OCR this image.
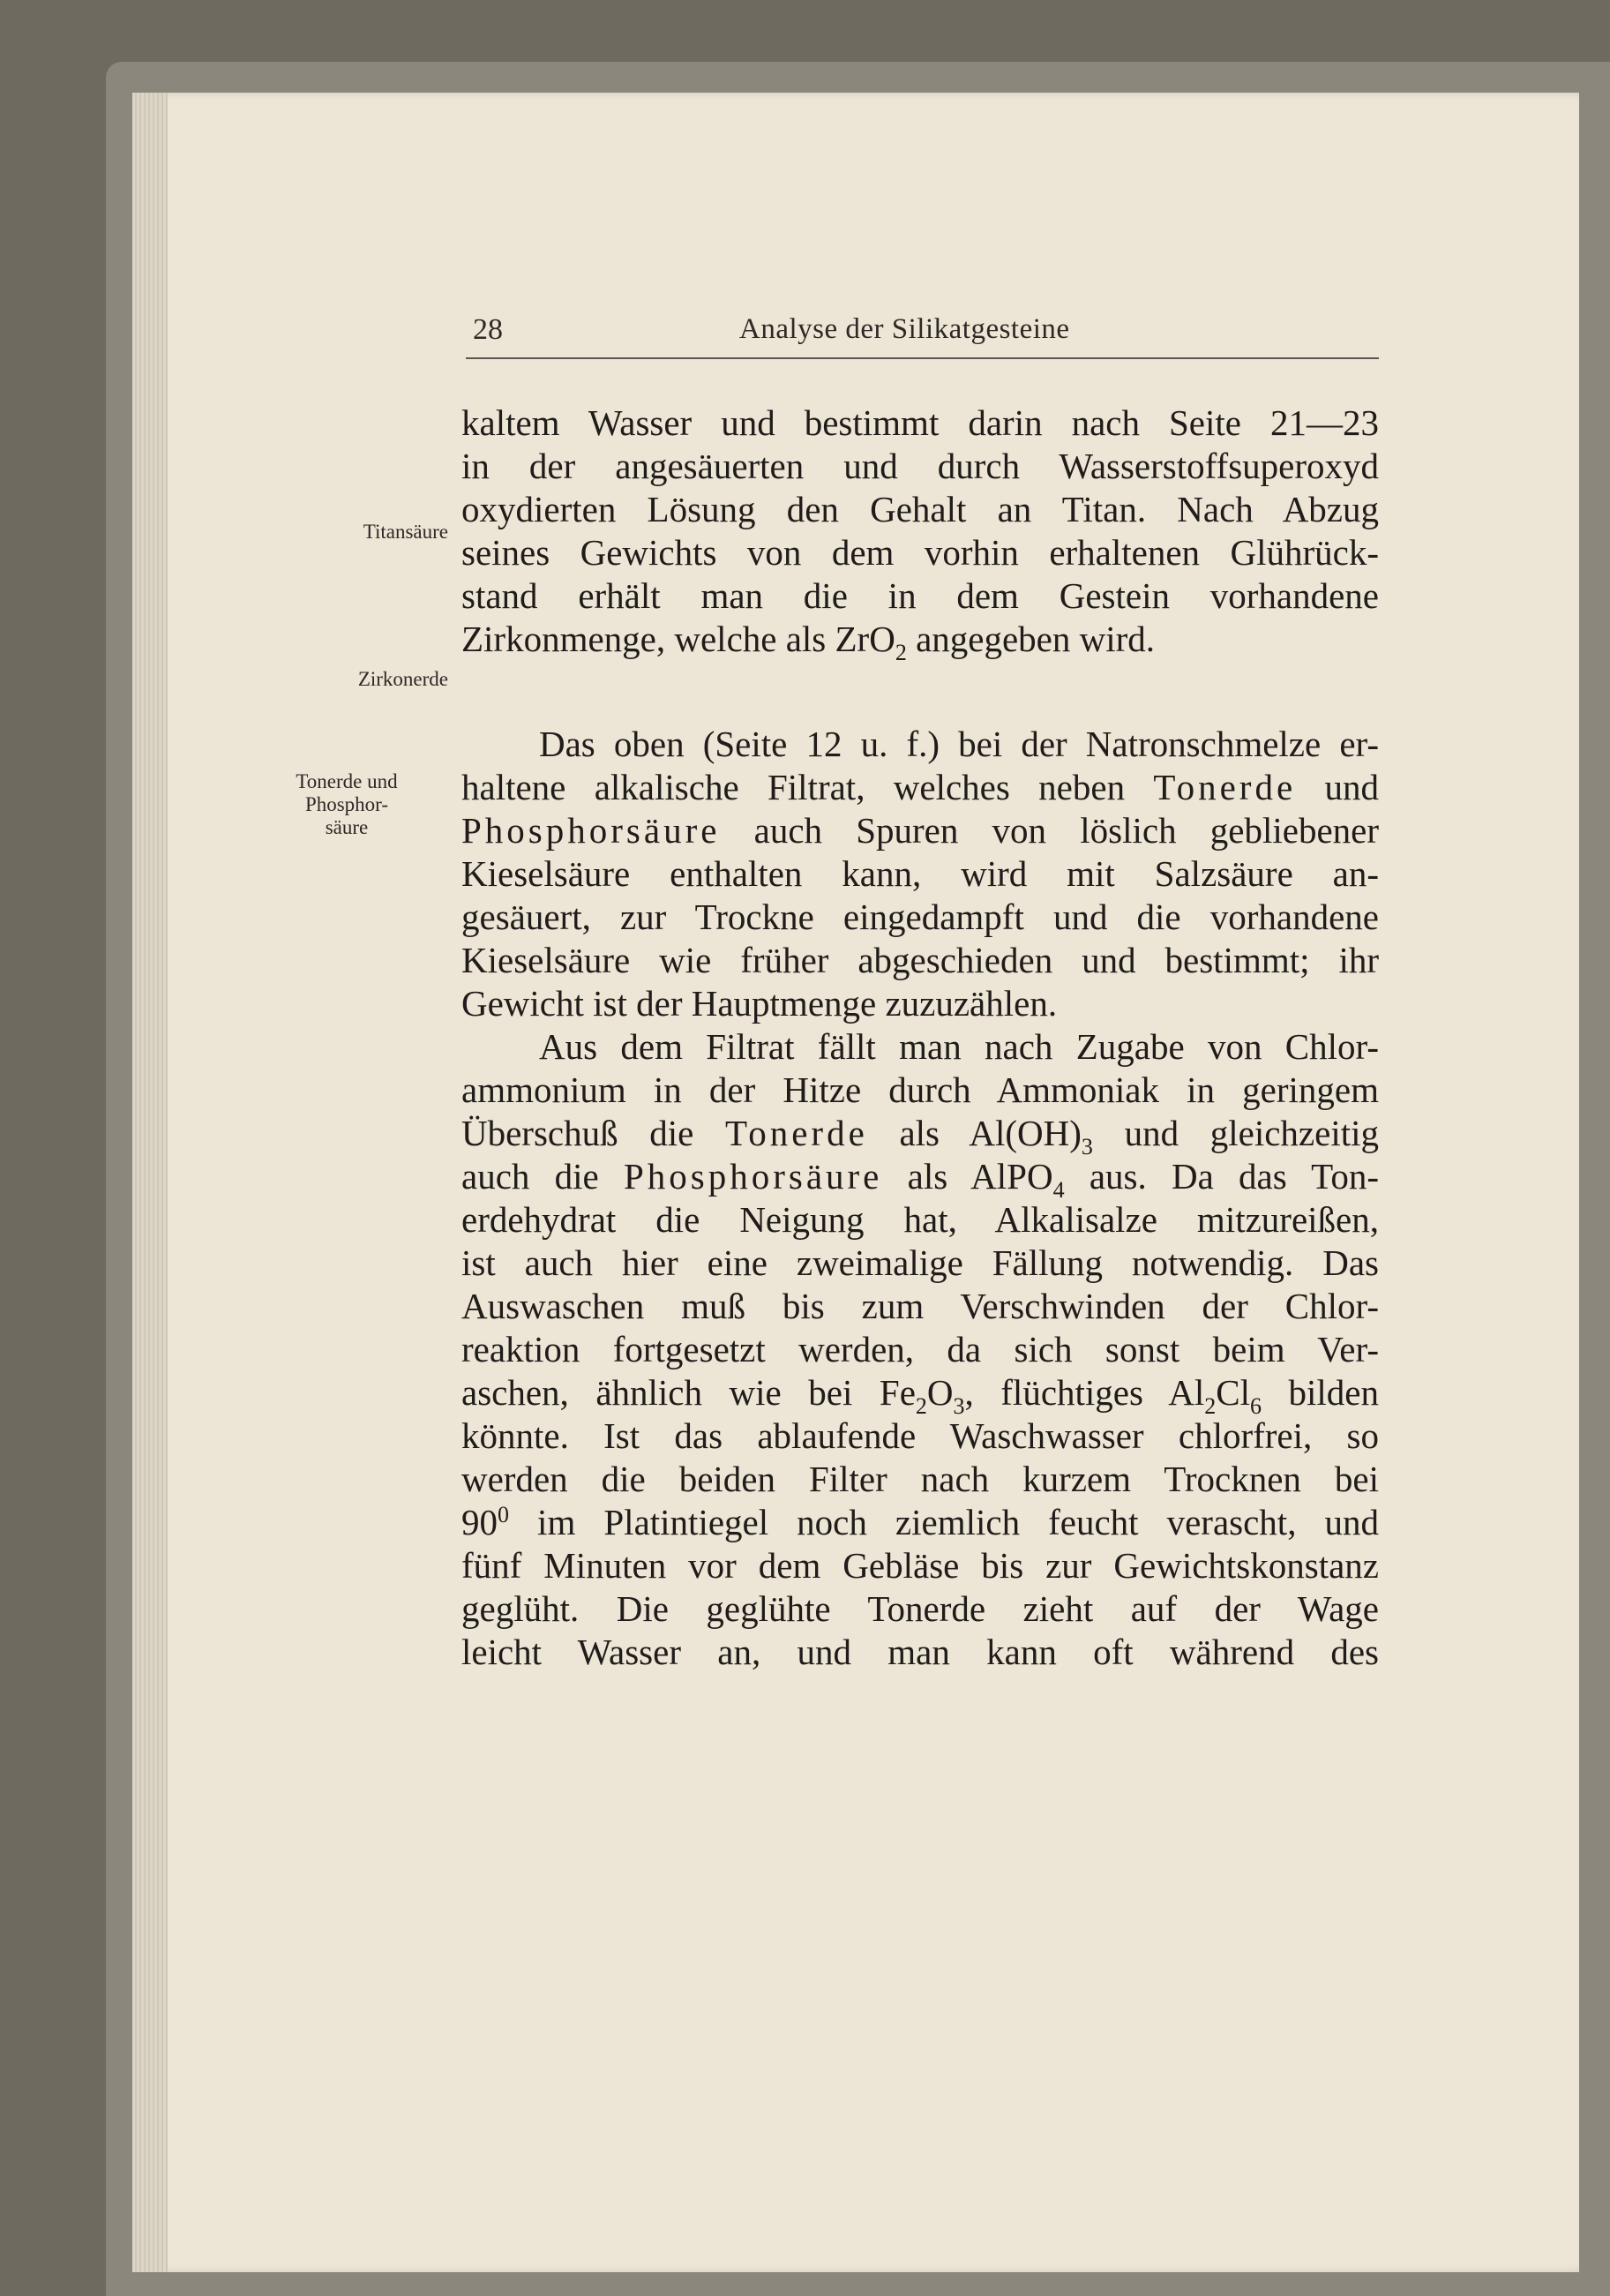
28	Analyse der Silikatgesteine
Titansäure
Zirkonerde
Tonerde und
Phosphor-
säure
kaltem Wasser und bestimmt darin nach Seite 21—23
in der angesäuerten und durch Wasserstoffsuperoxyd
oxydierten Lösung den Gehalt an Titan. Nach Abzug
seines Gewichts von dem vorhin erhaltenen Glührück-
stand erhält man die in dem Gestein vorhandene
Zirkonmenge, welche als ZrO$_2$ angegeben wird.
Das oben (Seite 12 u. f.) bei der Natronschmelze er-
haltene alkalische Filtrat, welches neben Tonerde und
Phosphorsäure auch Spuren von löslich gebliebener
Kieselsäure enthalten kann, wird mit Salzsäure an-
gesäuert, zur Trockne eingedampft und die vorhandene
Kieselsäure wie früher abgeschieden und bestimmt; ihr
Gewicht ist der Hauptmenge zuzuzählen.
Aus dem Filtrat fällt man nach Zugabe von Chlor-
ammonium in der Hitze durch Ammoniak in geringem
Überschuß die Tonerde als $Al(OH)_3$ und gleichzeitig
auch die Phosphorsäure als AlPO$_4$ aus. Da das Ton-
erdehydrat die Neigung hat, Alkalisalze mitzureißen,
ist auch hier eine zweimalige Fällung notwendig. Das
Auswaschen muß bis zum Verschwinden der Chlor-
reaktion fortgesetzt werden, da sich sonst beim Ver-
aschen, ähnlich wie bei $Fe_2O_3$, flüchtiges $Al_2Cl_6$ bilden
könnte. Ist das ablaufende Waschwasser chlorfrei, so
werden die beiden Filter nach kurzem Trocknen bei
$90^0$ im Platintiegel noch ziemlich feucht verascht, und
fünf Minuten vor dem Gebläse bis zur Gewichtskonstanz
geglüht. Die geglühte Tonerde zieht auf der Wage
leicht Wasser an, und man kann oft während des
